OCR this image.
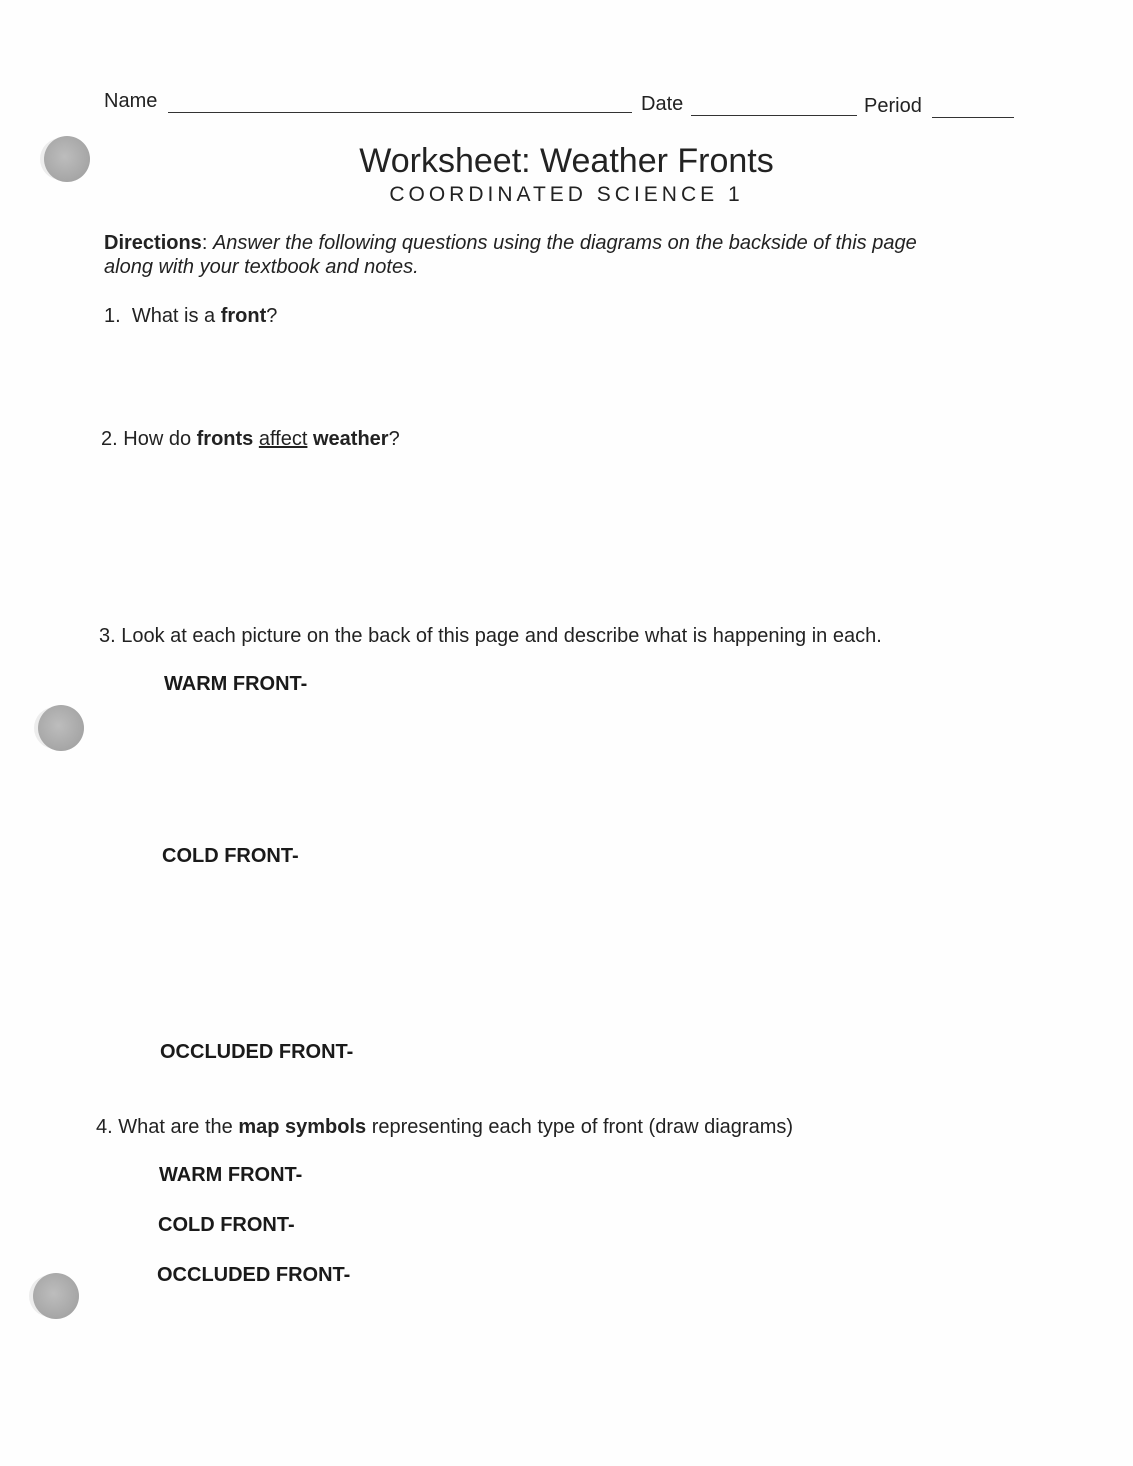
Name	Date	Period
Worksheet: Weather Fronts
COORDINATED SCIENCE 1
Directions: Answer the following questions using the diagrams on the backside of this page
along with your textbook and notes.
1. What is a front?
2. How do fronts affect weather?
3. Look at each picture on the back of this page and describe what is happening in each.
WARM FRONT-
COLD FRONT-
OCCLUDED FRONT-
4. What are the map symbols representing each type of front (draw diagrams)
WARM FRONT-
COLD FRONT-
OCCLUDED FRONT-
